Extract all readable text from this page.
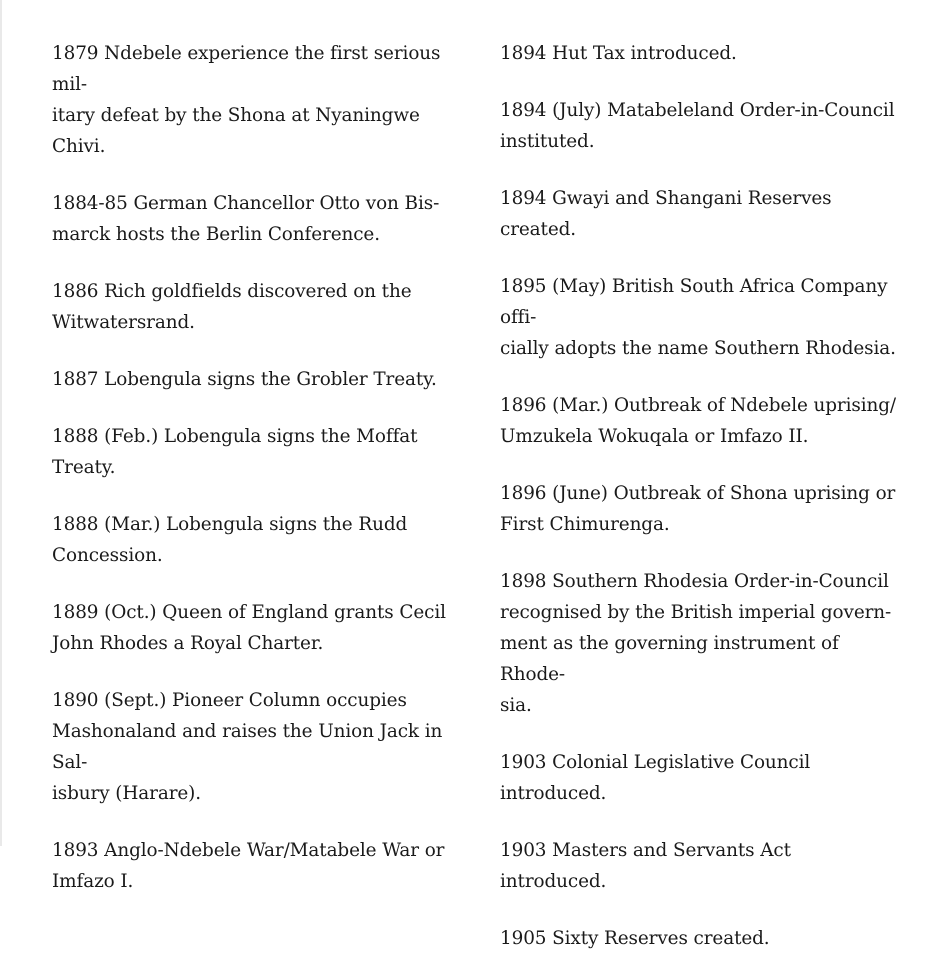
1879 Ndebele experience the first serious mil-
itary defeat by the Shona at Nyaningwe Chivi.

1884-85 German Chancellor Otto von Bis-
marck hosts the Berlin Conference.

1886 Rich goldfields discovered on the
Witwatersrand.

1887 Lobengula signs the Grobler Treaty.

1888 (Feb.) Lobengula signs the Moffat Treaty.

1888 (Mar.) Lobengula signs the Rudd
Concession.

1889 (Oct.) Queen of England grants Cecil
John Rhodes a Royal Charter.

1890 (Sept.) Pioneer Column occupies
Mashonaland and raises the Union Jack in Sal-
isbury (Harare).

1893 Anglo-Ndebele War/Matabele War or
Imfazo I.

1894 Hut Tax introduced.

1894 (July) Matabeleland Order-in-Council
instituted.

1894 Gwayi and Shangani Reserves created.

1895 (May) British South Africa Company offi-
cially adopts the name Southern Rhodesia.

1896 (Mar.) Outbreak of Ndebele uprising/
Umzukela Wokuqala or Imfazo II.

1896 (June) Outbreak of Shona uprising or
First Chimurenga.

1898 Southern Rhodesia Order-in-Council
recognised by the British imperial govern-
ment as the governing instrument of Rhode-
sia.

1903 Colonial Legislative Council introduced.

1903 Masters and Servants Act introduced.

1905 Sixty Reserves created.
